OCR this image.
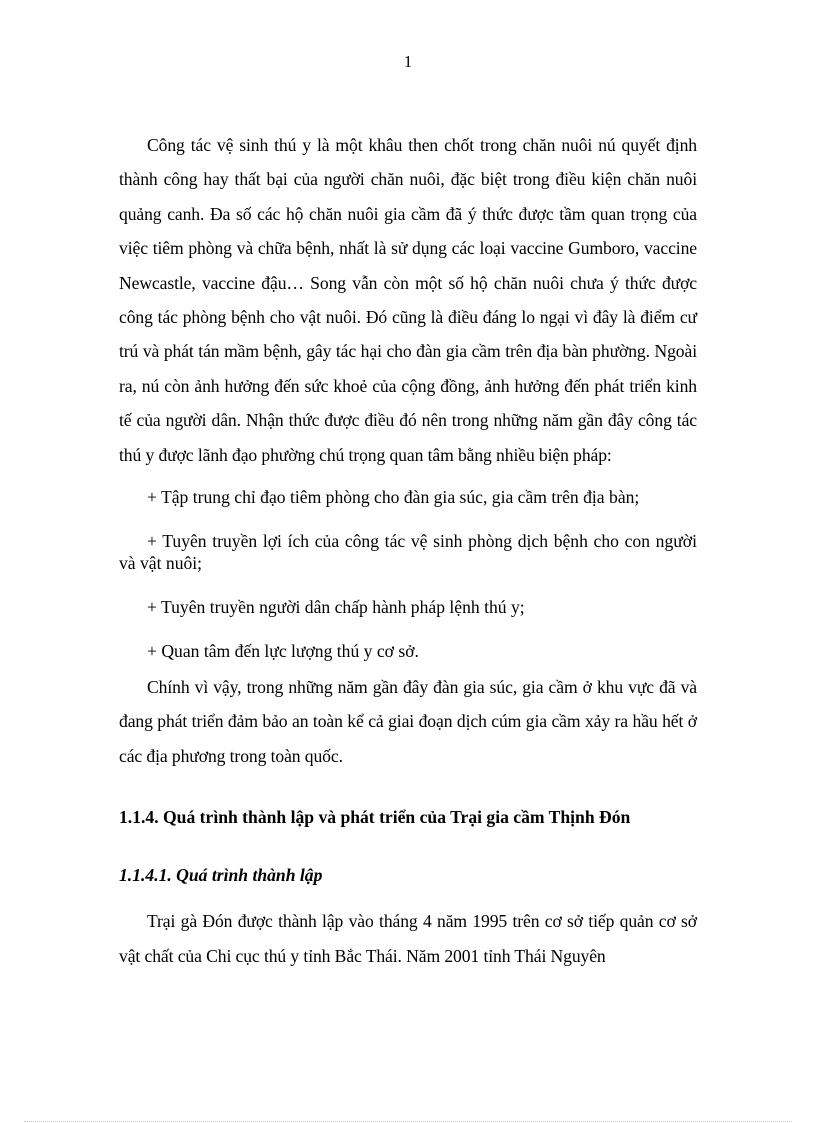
1

Công tác vệ sinh thú y là một khâu then chốt trong chăn nuôi nú quyết định thành công hay thất bại của người chăn nuôi, đặc biệt trong điều kiện chăn nuôi quảng canh. Đa số các hộ chăn nuôi gia cầm đã ý thức được tầm quan trọng của việc tiêm phòng và chữa bệnh, nhất là sử dụng các loại vaccine Gumboro, vaccine Newcastle, vaccine đậu… Song vẫn còn một số hộ chăn nuôi chưa ý thức được công tác phòng bệnh cho vật nuôi. Đó cũng là điều đáng lo ngại vì đây là điểm cư trú và phát tán mầm bệnh, gây tác hại cho đàn gia cầm trên địa bàn phường. Ngoài ra, nú còn ảnh hưởng đến sức khoẻ của cộng đồng, ảnh hưởng đến phát triển kinh tế của người dân. Nhận thức được điều đó nên trong những năm gần đây công tác thú y được lãnh đạo phường chú trọng quan tâm bằng nhiều biện pháp:

+ Tập trung chỉ đạo tiêm phòng cho đàn gia súc, gia cầm trên địa bàn;

+ Tuyên truyền lợi ích của công tác vệ sinh phòng dịch bệnh cho con người và vật nuôi;

+ Tuyên truyền người dân chấp hành pháp lệnh thú y;

+ Quan tâm đến lực lượng thú y cơ sở.

Chính vì vậy, trong những năm gần đây đàn gia súc, gia cầm ở khu vực đã và đang phát triển đảm bảo an toàn kể cả giai đoạn dịch cúm gia cầm xảy ra hầu hết ở các địa phương trong toàn quốc.

1.1.4. Quá trình thành lập và phát triển của Trại gia cầm Thịnh Đón

1.1.4.1. Quá trình thành lập

Trại gà Đón được thành lập vào tháng 4 năm 1995 trên cơ sở tiếp quản cơ sở vật chất của Chi cục thú y tỉnh Bắc Thái. Năm 2001 tỉnh Thái Nguyên
